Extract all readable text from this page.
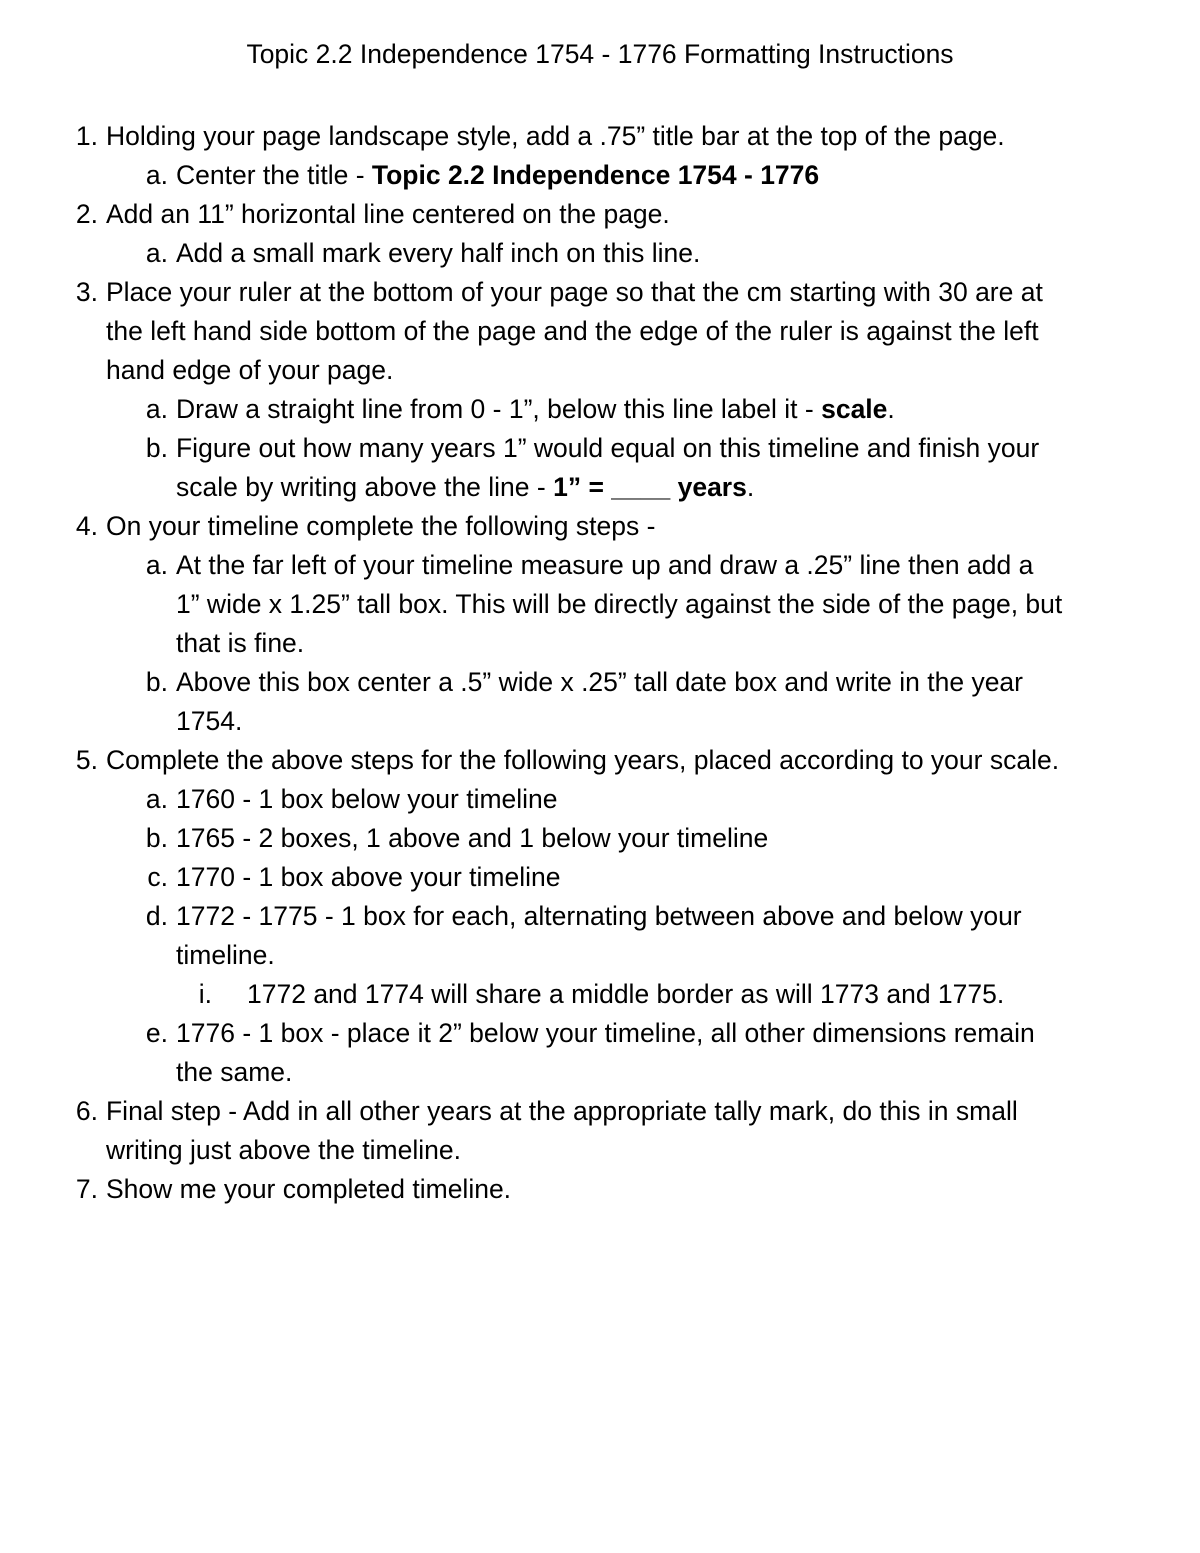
Topic 2.2 Independence 1754 - 1776 Formatting Instructions
1. Holding your page landscape style, add a .75” title bar at the top of the page.
a. Center the title - Topic 2.2 Independence 1754 - 1776
2. Add an 11” horizontal line centered on the page.
a. Add a small mark every half inch on this line.
3. Place your ruler at the bottom of your page so that the cm starting with 30 are at
the left hand side bottom of the page and the edge of the ruler is against the left
hand edge of your page.
a. Draw a straight line from 0 - 1”, below this line label it - scale.
b. Figure out how many years 1” would equal on this timeline and finish your
scale by writing above the line - 1” = ____ years.
4. On your timeline complete the following steps -
a. At the far left of your timeline measure up and draw a .25” line then add a
1” wide x 1.25” tall box. This will be directly against the side of the page, but
that is fine.
b. Above this box center a .5” wide x .25” tall date box and write in the year
1754.
5. Complete the above steps for the following years, placed according to your scale.
a. 1760 - 1 box below your timeline
b. 1765 - 2 boxes, 1 above and 1 below your timeline
c. 1770 - 1 box above your timeline
d. 1772 - 1775 - 1 box for each, alternating between above and below your
timeline.
i. 1772 and 1774 will share a middle border as will 1773 and 1775.
e. 1776 - 1 box - place it 2” below your timeline, all other dimensions remain
the same.
6. Final step - Add in all other years at the appropriate tally mark, do this in small
writing just above the timeline.
7. Show me your completed timeline.
